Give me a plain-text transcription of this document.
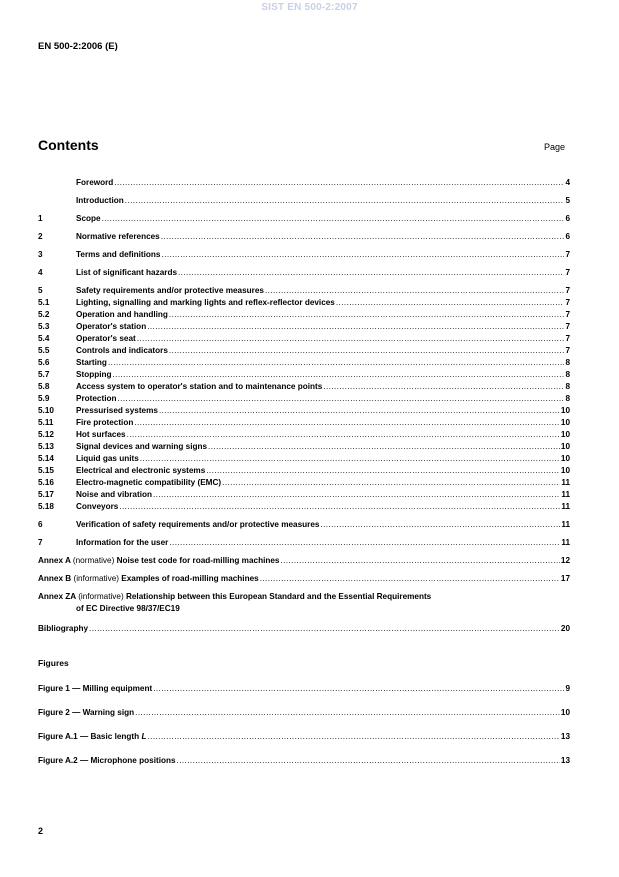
SIST EN 500-2:2007
EN 500-2:2006 (E)
Contents	Page
Foreword .....	4
Introduction .....	5
1	Scope .....	6
2	Normative references .....	6
3	Terms and definitions .....	7
4	List of significant hazards .....	7
5	Safety requirements and/or protective measures .....	7
5.1	Lighting, signalling and marking lights and reflex-reflector devices .....	7
5.2	Operation and handling .....	7
5.3	Operator's station .....	7
5.4	Operator's seat .....	7
5.5	Controls and indicators .....	7
5.6	Starting .....	8
5.7	Stopping .....	8
5.8	Access system to operator's station and to maintenance points .....	8
5.9	Protection .....	8
5.10	Pressurised systems .....	10
5.11	Fire protection .....	10
5.12	Hot surfaces .....	10
5.13	Signal devices and warning signs .....	10
5.14	Liquid gas units .....	10
5.15	Electrical and electronic systems .....	10
5.16	Electro-magnetic compatibility (EMC) .....	11
5.17	Noise and vibration .....	11
5.18	Conveyors .....	11
6	Verification of safety requirements and/or protective measures .....	11
7	Information for the user .....	11
Annex A (normative) Noise test code for road-milling machines .....	12
Annex B (informative) Examples of road-milling machines .....	17
Annex ZA (informative) Relationship between this European Standard and the Essential Requirements
of EC Directive 98/37/EC 19
Bibliography .....	20
Figures
Figure 1 — Milling equipment .....	9
Figure 2 — Warning sign .....	10
Figure A.1 — Basic length L .....	13
Figure A.2 — Microphone positions .....	13
2
